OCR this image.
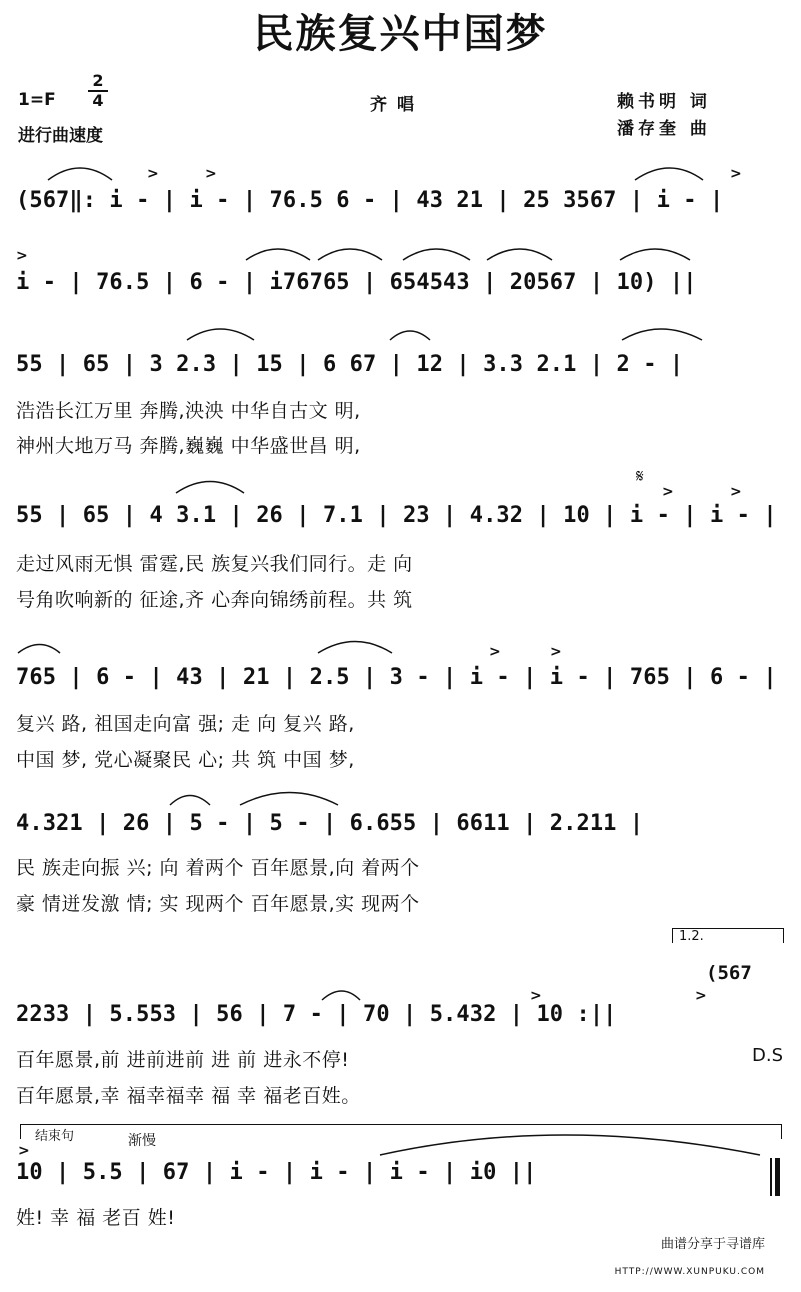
民族复兴中国梦
$1=F \frac{2}{4}$
进行曲速度
齐唱	赖书明 词
潘存奎 曲
(567‖: i - | i - | 76.5 6 - | 43 21 | 25 3567 | i - |
i - | 76.5 | 6 - | i76765 | 654543 | 20567 | 10) ||
55 | 65 | 3 2.3 | 15 | 6 67 | 12 | 3.3 2.1 | 2 - |
浩浩长江万里 奔腾,泱泱 中华自古文 明,
神州大地万马 奔腾,巍巍 中华盛世昌 明,
55 | 65 | 4 3.1 | 26 | 7.1 | 23 | 4.32 | 10 | i - | i - |
走过风雨无惧 雷霆,民 族复兴我们同行。走 向
号角吹响新的 征途,齐 心奔向锦绣前程。共 筑
𝄋
765 | 6 - | 43 | 21 | 2.5 | 3 - | i - | i - | 765 | 6 - |
复兴 路, 祖国走向富 强; 走 向 复兴 路,
中国 梦, 党心凝聚民 心; 共 筑 中国 梦,
4.321 | 26 | 5 - | 5 - | 6.655 | 6611 | 2.211 |
民 族走向振 兴; 向 着两个 百年愿景,向 着两个
豪 情迸发激 情; 实 现两个 百年愿景,实 现两个

1.2.

(567
2233 | 5.553 | 56 | 7 - | 70 | 5.432 | 10 :||
百年愿景,前 进前进前 进 前 进永不停!
百年愿景,幸 福幸福幸 福 幸 福老百姓。
D.S

结束句	渐慢
10 | 5.5 | 67 | i - | i - | i - | i0 ||
姓! 幸 福 老百 姓!
>	>	>
>
>	>
>	>
>	>
>

曲谱分享于寻谱库

HTTP://WWW.XUNPUKU.COM
